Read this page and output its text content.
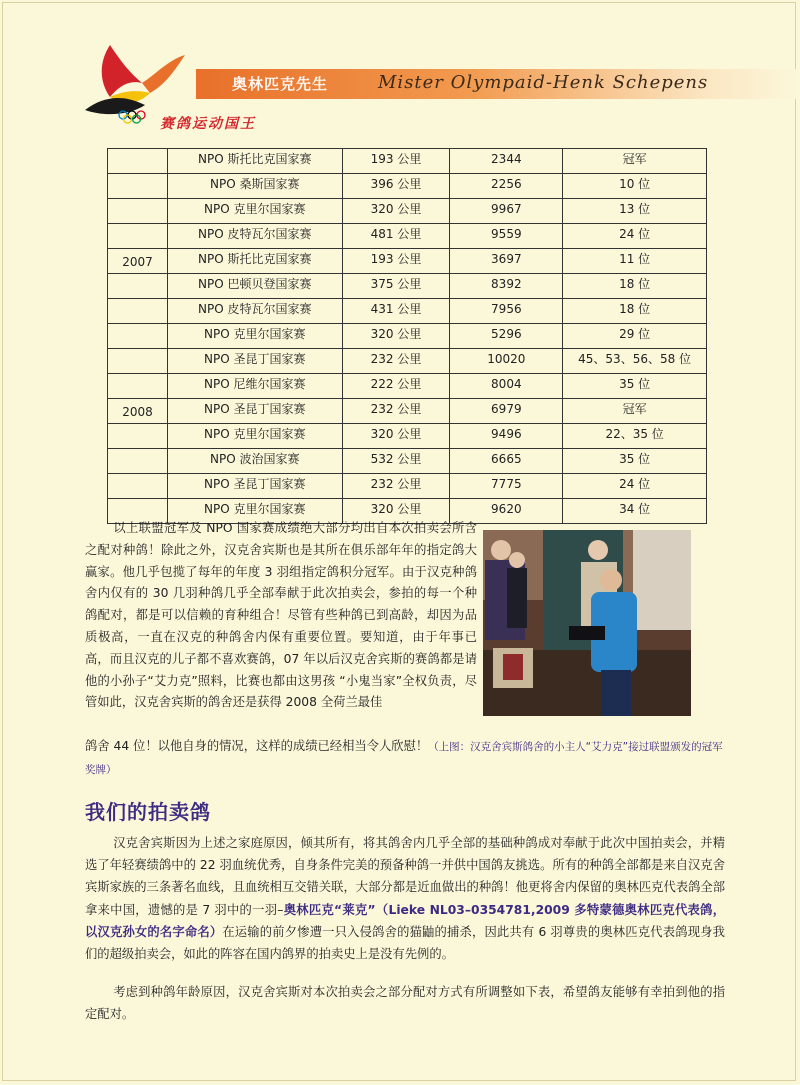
奥林匹克先生	Mister Olympaid-Henk Schepens
赛鸽运动国王
	NPO 斯托比克国家赛	193 公里	2344	冠军
	NPO 桑斯国家赛	396 公里	2256	10 位
	NPO 克里尔国家赛	320 公里	9967	13 位
	NPO 皮特瓦尔国家赛	481 公里	9559	24 位
2007	NPO 斯托比克国家赛	193 公里	3697	11 位
	NPO 巴顿贝登国家赛	375 公里	8392	18 位
	NPO 皮特瓦尔国家赛	431 公里	7956	18 位
	NPO 克里尔国家赛	320 公里	5296	29 位
	NPO 圣昆丁国家赛	232 公里	10020	45、53、56、58 位
	NPO 尼维尔国家赛	222 公里	8004	35 位
2008	NPO 圣昆丁国家赛	232 公里	6979	冠军
	NPO 克里尔国家赛	320 公里	9496	22、35 位
	NPO 波治国家赛	532 公里	6665	35 位
	NPO 圣昆丁国家赛	232 公里	7775	24 位
	NPO 克里尔国家赛	320 公里	9620	34 位
以上联盟冠军及 NPO 国家赛成绩绝大部分均出自本次拍卖会所含之配对种鸽！除此之外，汉克舍宾斯也是其所在俱乐部年年的指定鸽大赢家。他几乎包揽了每年的年度 3 羽组指定鸽积分冠军。由于汉克种鸽舍内仅有的 30 几羽种鸽几乎全部奉献于此次拍卖会，参拍的每一个种鸽配对，都是可以信赖的育种组合！尽管有些种鸽已到高龄，却因为品质极高，一直在汉克的种鸽舍内保有重要位置。要知道，由于年事已高，而且汉克的儿子都不喜欢赛鸽，07 年以后汉克舍宾斯的赛鸽都是请他的小孙子“艾力克”照料，比赛也都由这男孩 “小鬼当家”全权负责，尽管如此，汉克舍宾斯的鸽舍还是获得 2008 全荷兰最佳
鸽舍 44 位！以他自身的情况，这样的成绩已经相当令人欣慰！（上图：汉克舍宾斯鸽舍的小主人“艾力克”接过联盟颁发的冠军奖牌）
我们的拍卖鸽
汉克舍宾斯因为上述之家庭原因，倾其所有，将其鸽舍内几乎全部的基础种鸽成对奉献于此次中国拍卖会，并精选了年轻赛绩鸽中的 22 羽血统优秀，自身条件完美的预备种鸽一并供中国鸽友挑选。所有的种鸽全部都是来自汉克舍宾斯家族的三条著名血线，且血统相互交错关联，大部分都是近血做出的种鸽！他更将舍内保留的奥林匹克代表鸽全部拿来中国，遗憾的是 7 羽中的一羽–奥林匹克“莱克”（Lieke NL03–0354781,2009 多特蒙德奥林匹克代表鸽，以汉克孙女的名字命名）在运输的前夕惨遭一只入侵鸽舍的猫鼬的捕杀，因此共有 6 羽尊贵的奥林匹克代表鸽现身我们的超级拍卖会，如此的阵容在国内鸽界的拍卖史上是没有先例的。
考虑到种鸽年龄原因，汉克舍宾斯对本次拍卖会之部分配对方式有所调整如下表，希望鸽友能够有幸拍到他的指定配对。
